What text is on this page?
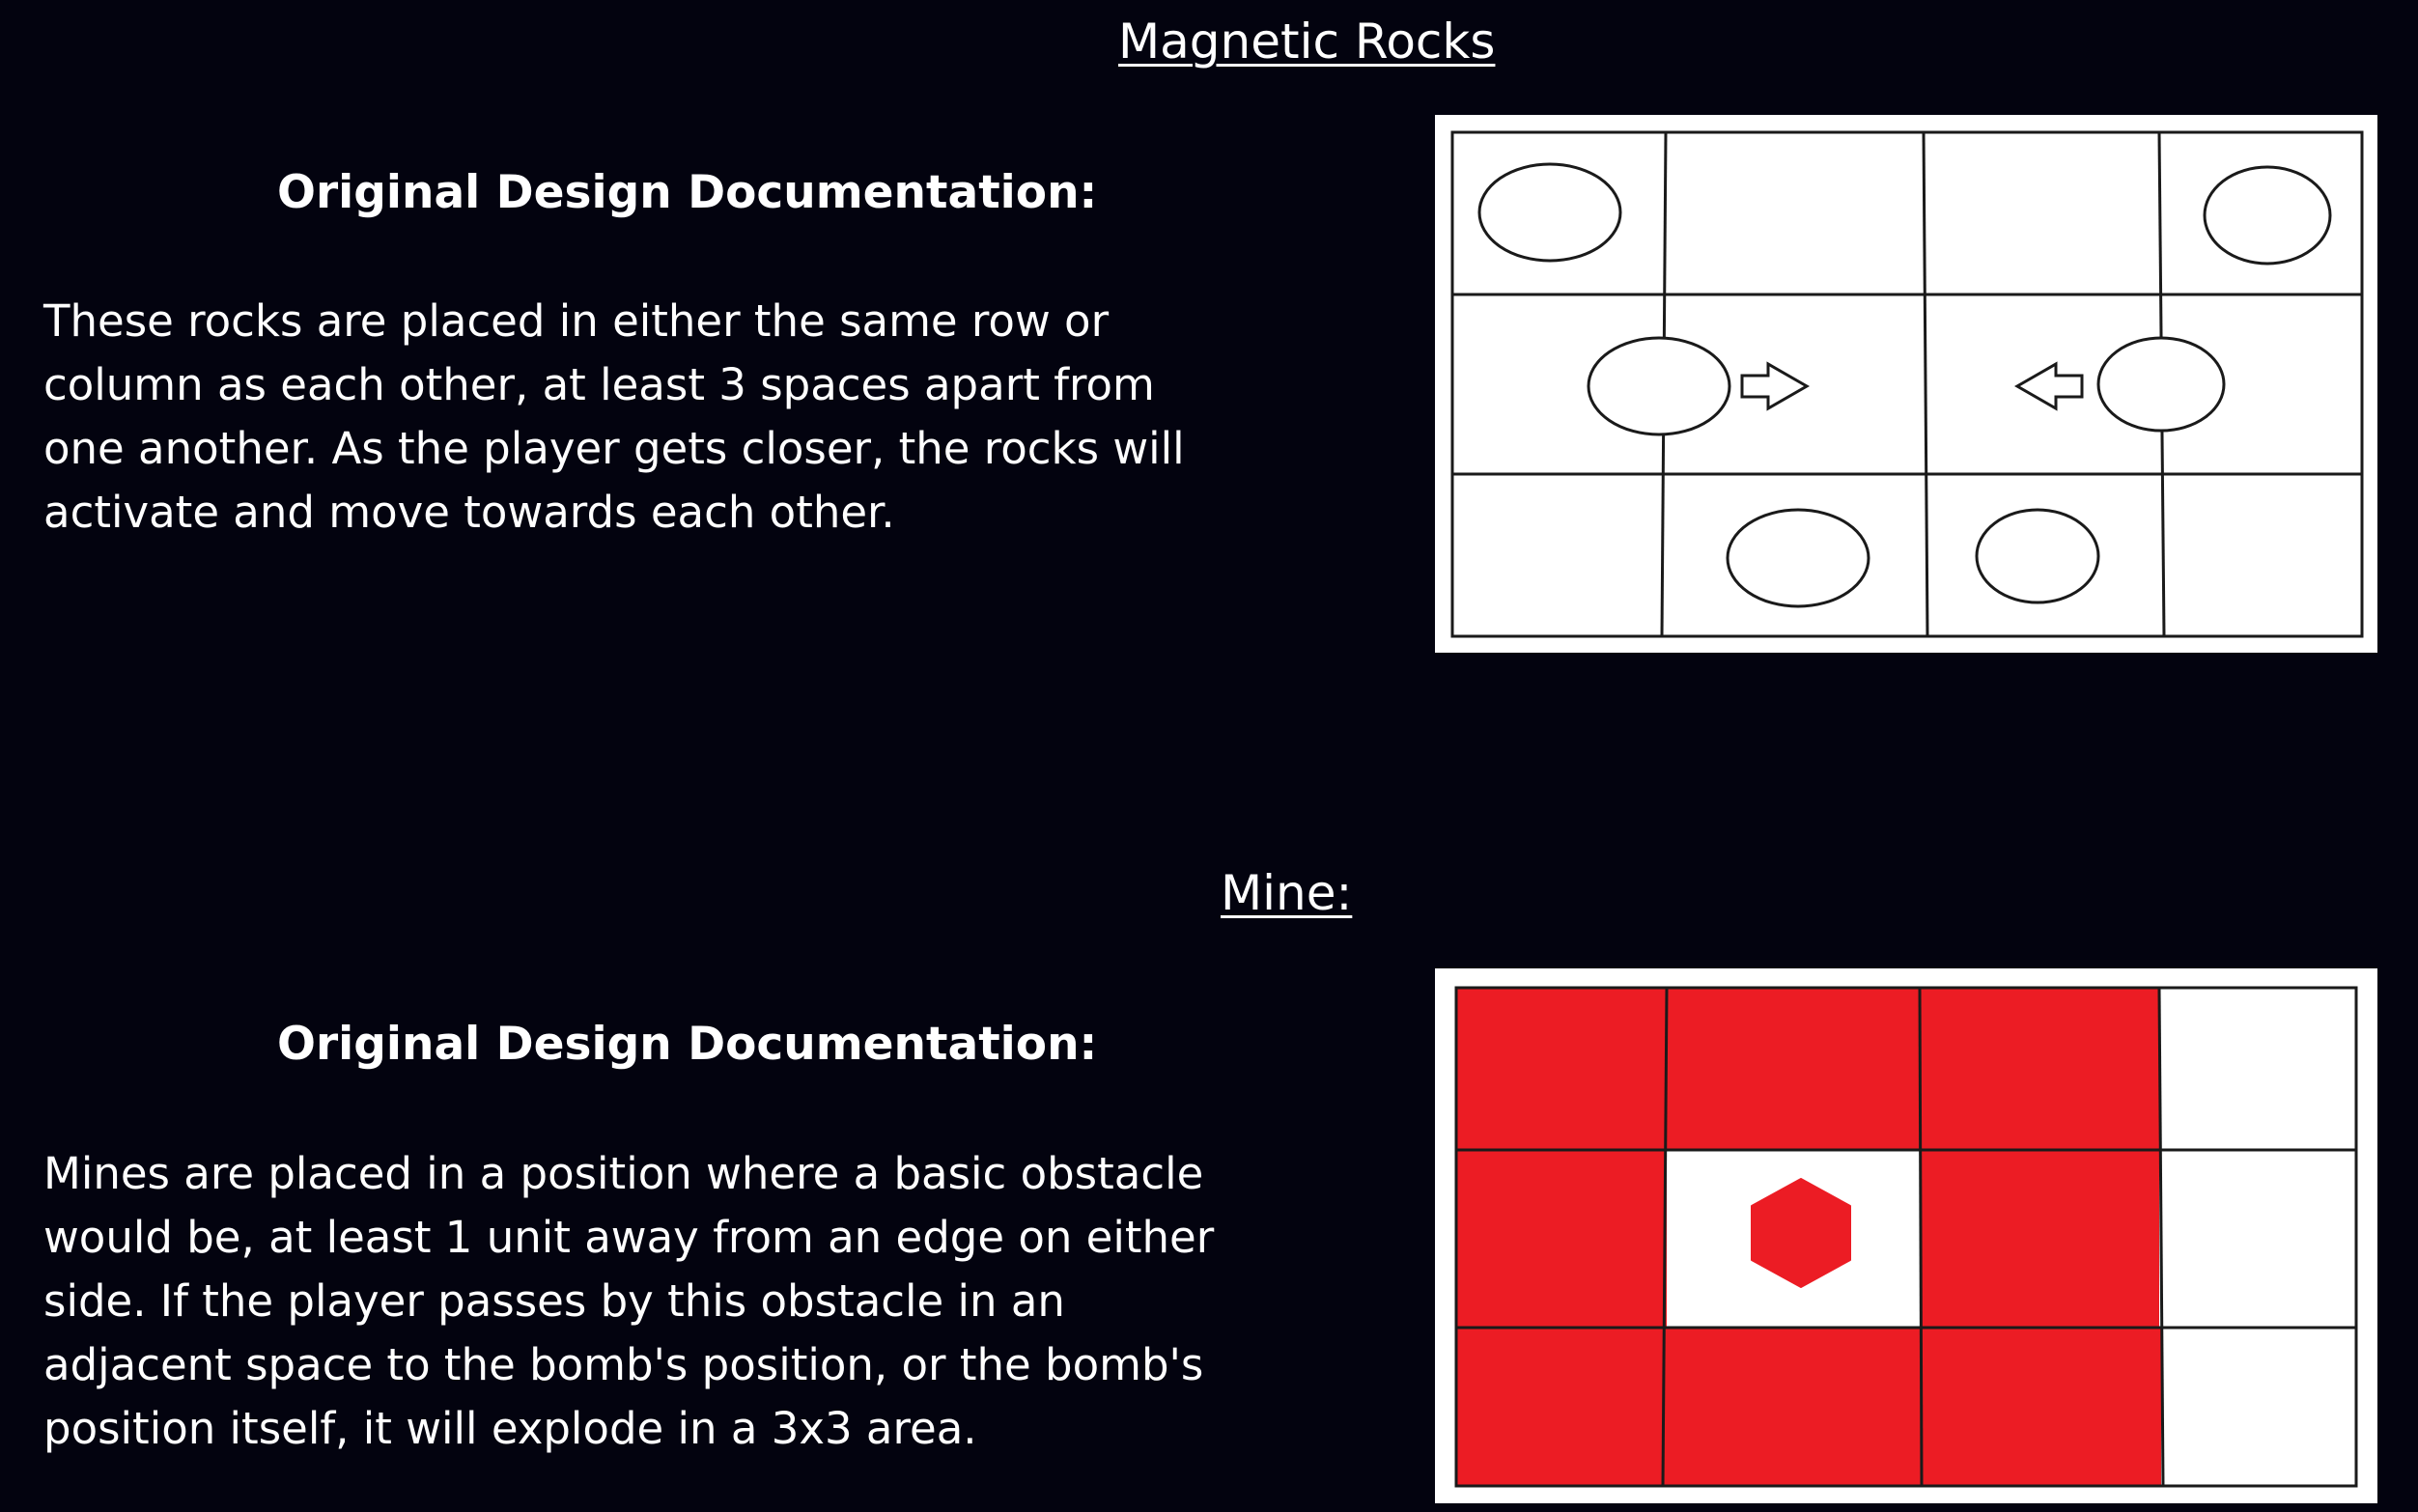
Magnetic Rocks
Original Design Documentation:
These rocks are placed in either the same row or
column as each other, at least 3 spaces apart from
one another. As the player gets closer, the rocks will
activate and move towards each other.
Mine:
Original Design Documentation:
Mines are placed in a position where a basic obstacle
would be, at least 1 unit away from an edge on either
side. If the player passes by this obstacle in an
adjacent space to the bomb's position, or the bomb's
position itself, it will explode in a 3x3 area.
